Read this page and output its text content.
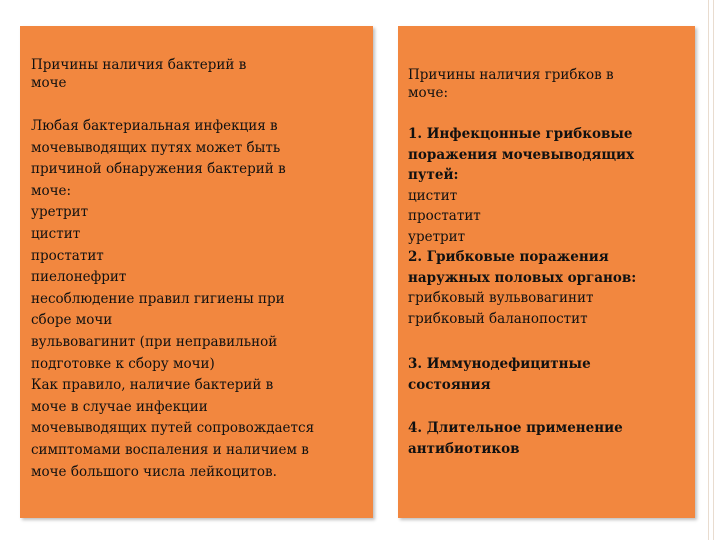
Причины наличия бактерий в
моче
Любая бактериальная инфекция в
мочевыводящих путях может быть
причиной обнаружения бактерий в
моче:
уретрит
цистит
простатит
пиелонефрит
несоблюдение правил гигиены при
сборе мочи
вульвовагинит (при неправильной
подготовке к сбору мочи)
Как правило, наличие бактерий в
моче в случае инфекции
мочевыводящих путей сопровождается
симптомами воспаления и наличием в
моче большого числа лейкоцитов.
Причины наличия грибков в
моче:
1. Инфекцонные грибковые
поражения мочевыводящих
путей:
цистит
простатит
уретрит
2. Грибковые поражения
наружных половых органов:
грибковый вульвовагинит
грибковый баланопостит
3. Иммунодефицитные
состояния
4. Длительное применение
антибиотиков
